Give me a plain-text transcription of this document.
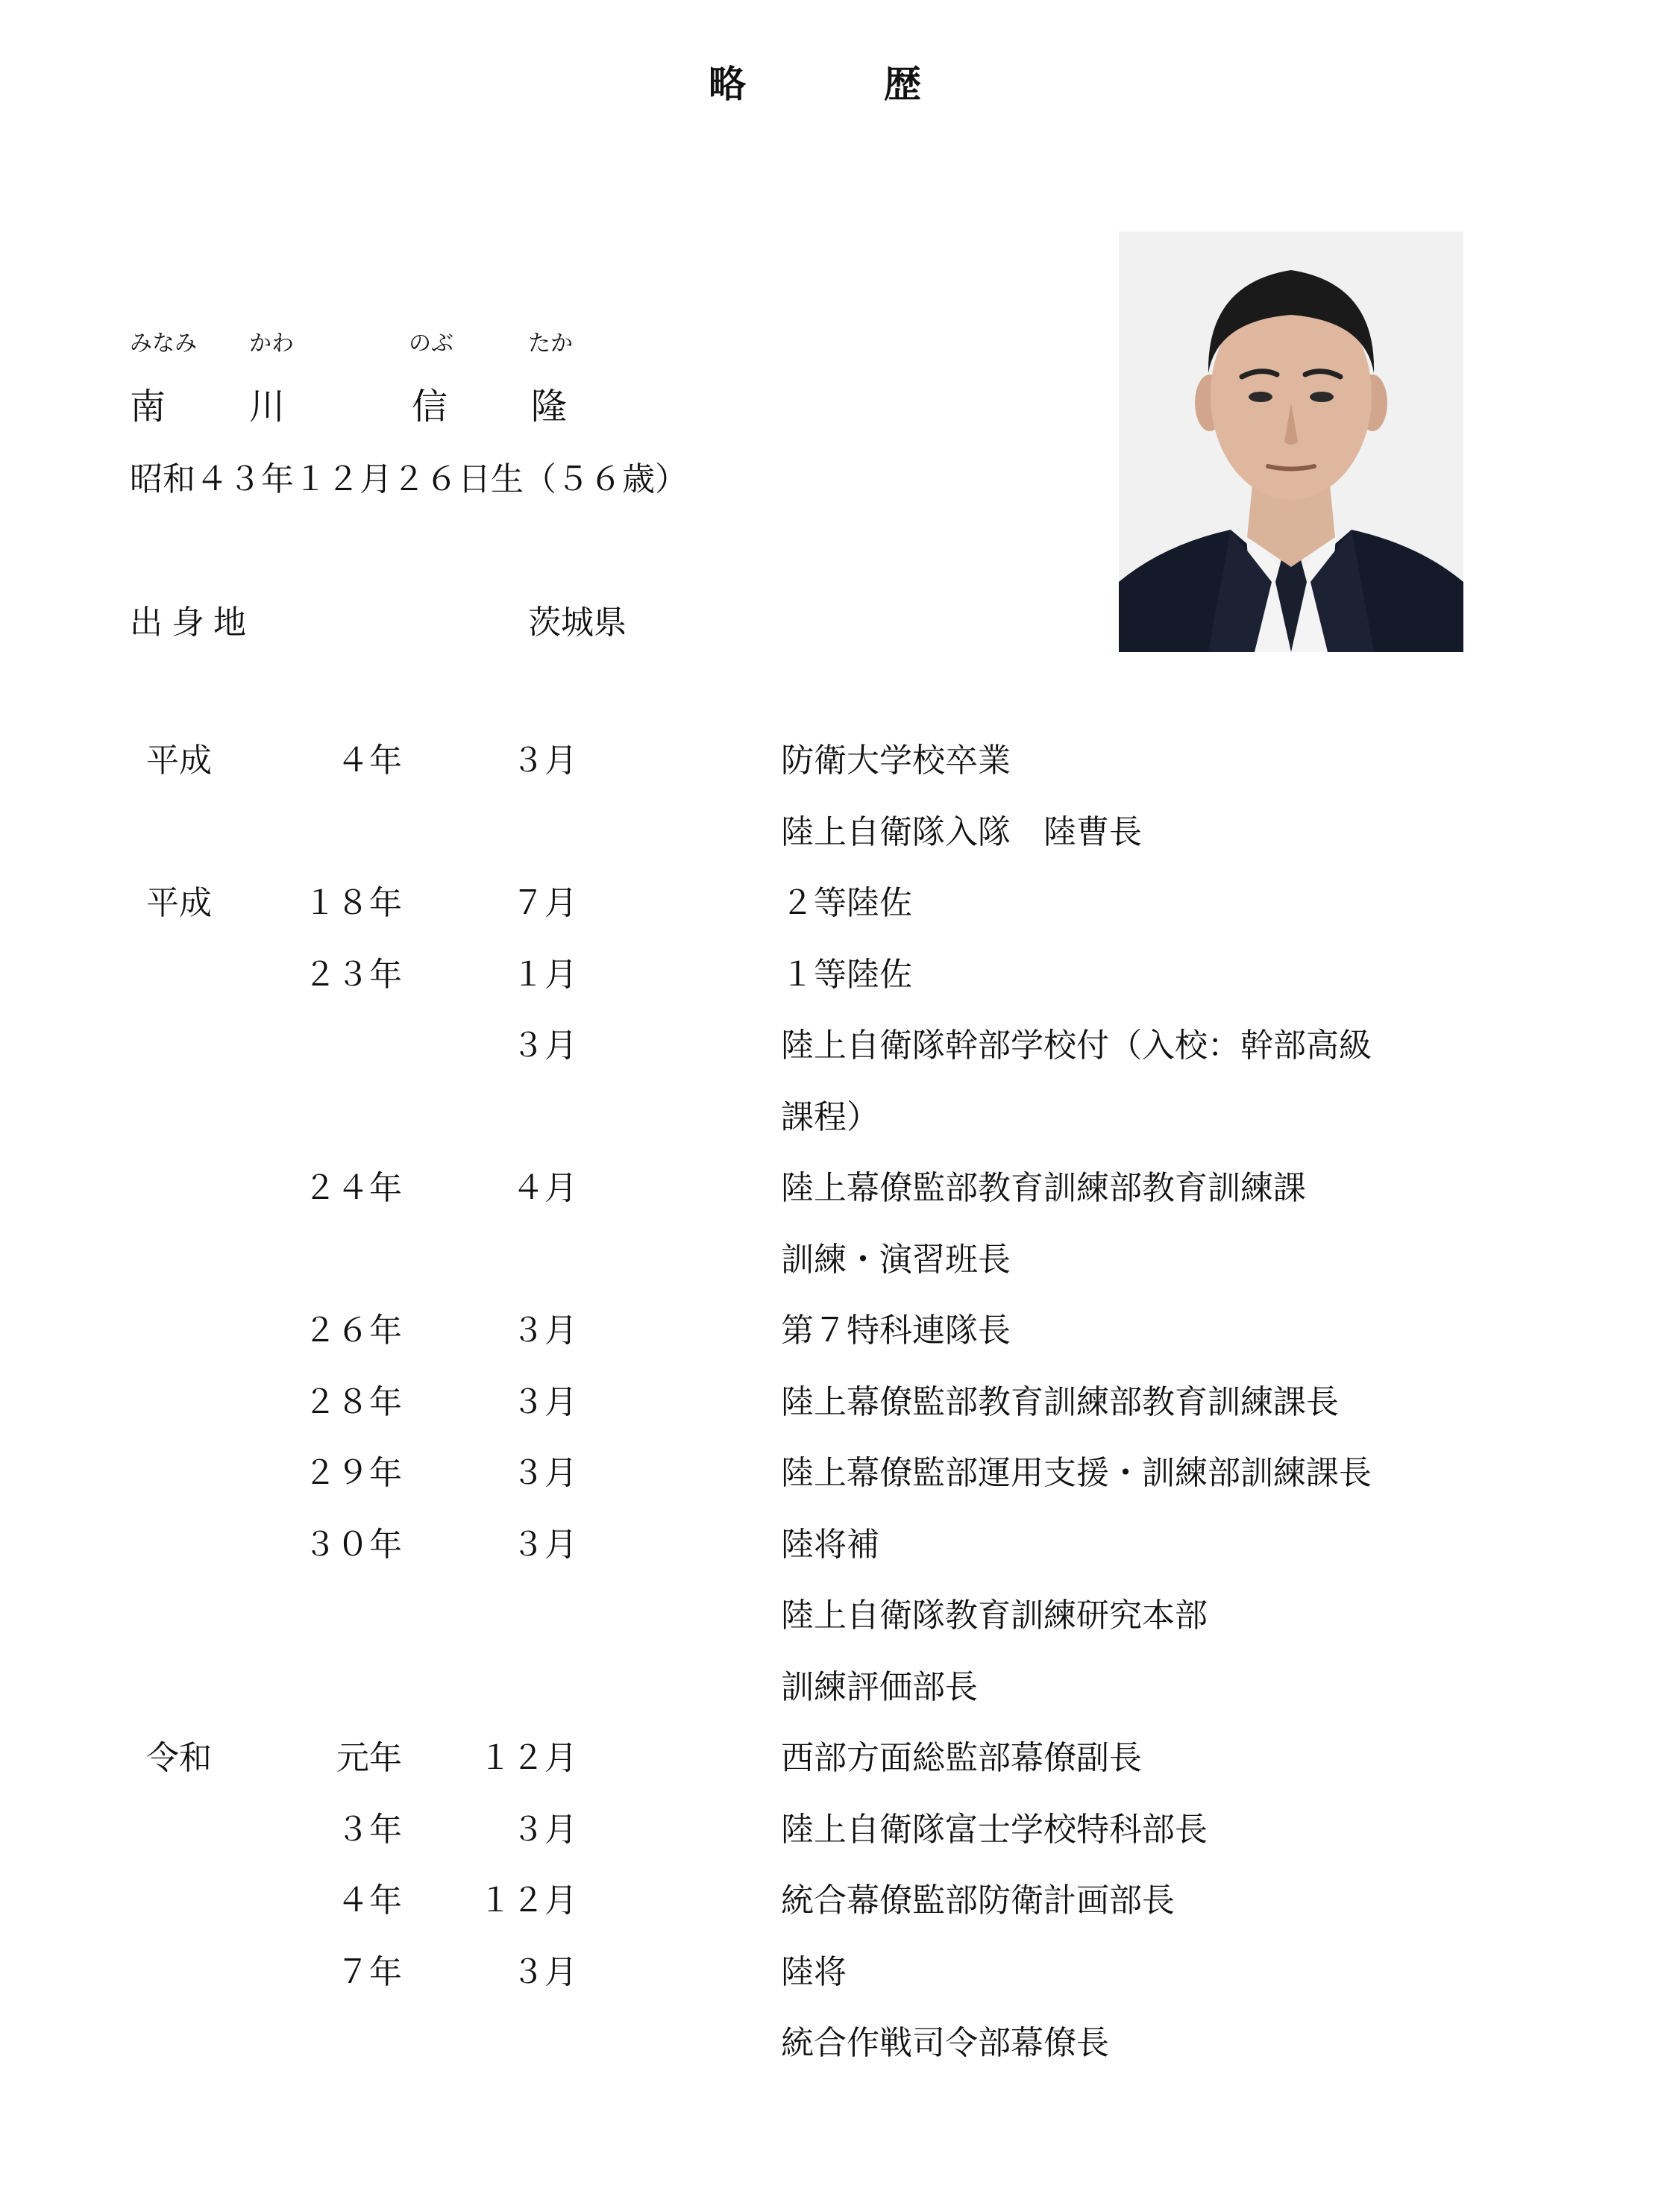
略	歴
みなみ かわ	のぶ	たか
南 川	信 隆
昭和４３年１２月２６日生（５６歳）
出身地	茨城県
平成	４年	３月	防衛大学校卒業
陸上自衛隊入隊　陸曹長
平成	１８年	７月	２等陸佐
２３年	１月	１等陸佐
３月	陸上自衛隊幹部学校付（入校：幹部高級
課程）
２４年	４月	陸上幕僚監部教育訓練部教育訓練課
訓練・演習班長
２６年	３月	第７特科連隊長
２８年	３月	陸上幕僚監部教育訓練部教育訓練課長
２９年	３月	陸上幕僚監部運用支援・訓練部訓練課長
３０年	３月	陸将補
陸上自衛隊教育訓練研究本部
訓練評価部長
令和	元年 １２月	西部方面総監部幕僚副長
３年	３月	陸上自衛隊富士学校特科部長
４年 １２月	統合幕僚監部防衛計画部長
７年	３月	陸将
統合作戦司令部幕僚長
